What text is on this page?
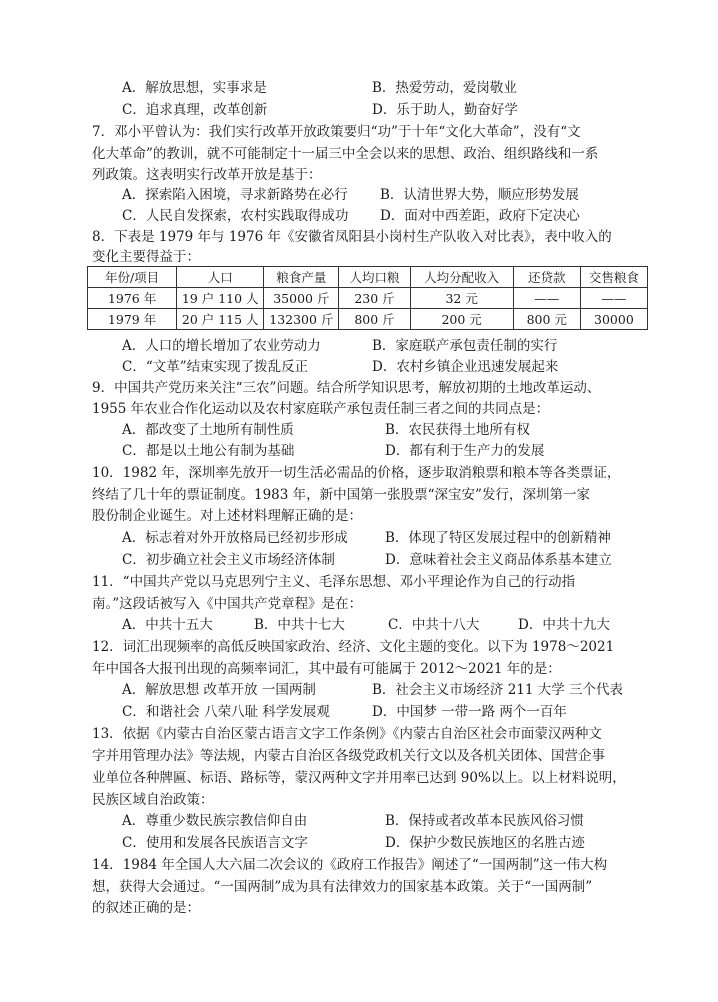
A．解放思想，实事求是	B．热爱劳动，爱岗敬业
C．追求真理，改革创新	D．乐于助人，勤奋好学
7．邓小平曾认为：我们实行改革开放政策要归“功”于十年“文化大革命”，没有“文
化大革命”的教训，就不可能制定十一届三中全会以来的思想、政治、组织路线和一系
列政策。这表明实行改革开放是基于：
A．探索陷入困境，寻求新路势在必行 B．认清世界大势，顺应形势发展
C．人民自发探索，农村实践取得成功 D．面对中西差距，政府下定决心
8．下表是 1979 年与 1976 年《安徽省凤阳县小岗村生产队收入对比表》，表中收入的
变化主要得益于：
年份/项目	人口	粮食产量	人均口粮	人均分配收入	还贷款	交售粮食
1976 年	19 户 110 人	35000 斤	230 斤	32 元	——	——
1979 年	20 户 115 人	132300 斤	800 斤	200 元	800 元	30000
A．人口的增长增加了农业劳动力	B．家庭联产承包责任制的实行
C．“文革”结束实现了拨乱反正	D．农村乡镇企业迅速发展起来
9．中国共产党历来关注“三农”问题。结合所学知识思考，解放初期的土地改革运动、
1955 年农业合作化运动以及农村家庭联产承包责任制三者之间的共同点是：
A．都改变了土地所有制性质	B．农民获得土地所有权
C．都是以土地公有制为基础	D．都有利于生产力的发展
10．1982 年，深圳率先放开一切生活必需品的价格，逐步取消粮票和粮本等各类票证，
终结了几十年的票证制度。1983 年，新中国第一张股票“深宝安”发行，深圳第一家
股份制企业诞生。对上述材料理解正确的是：
A．标志着对外开放格局已经初步形成	B．体现了特区发展过程中的创新精神
C．初步确立社会主义市场经济体制	D．意味着社会主义商品体系基本建立
11．“中国共产党以马克思列宁主义、毛泽东思想、邓小平理论作为自己的行动指
南。”这段话被写入《中国共产党章程》是在：
A．中共十五大	B．中共十七大	C．中共十八大	D．中共十九大
12．词汇出现频率的高低反映国家政治、经济、文化主题的变化。以下为 1978～2021
年中国各大报刊出现的高频率词汇，其中最有可能属于 2012～2021 年的是：
A．解放思想 改革开放 一国两制	B．社会主义市场经济 211 大学 三个代表
C．和谐社会 八荣八耻 科学发展观	D．中国梦 一带一路 两个一百年
13．依据《内蒙古自治区蒙古语言文字工作条例》《内蒙古自治区社会市面蒙汉两种文
字并用管理办法》等法规，内蒙古自治区各级党政机关行文以及各机关团体、国营企事
业单位各种牌匾、标语、路标等，蒙汉两种文字并用率已达到 90%以上。以上材料说明，
民族区域自治政策：
A．尊重少数民族宗教信仰自由	B．保持或者改革本民族风俗习惯
C．使用和发展各民族语言文字	D．保护少数民族地区的名胜古迹
14．1984 年全国人大六届二次会议的《政府工作报告》阐述了“一国两制”这一伟大构
想，获得大会通过。“一国两制”成为具有法律效力的国家基本政策。关于“一国两制”
的叙述正确的是：
